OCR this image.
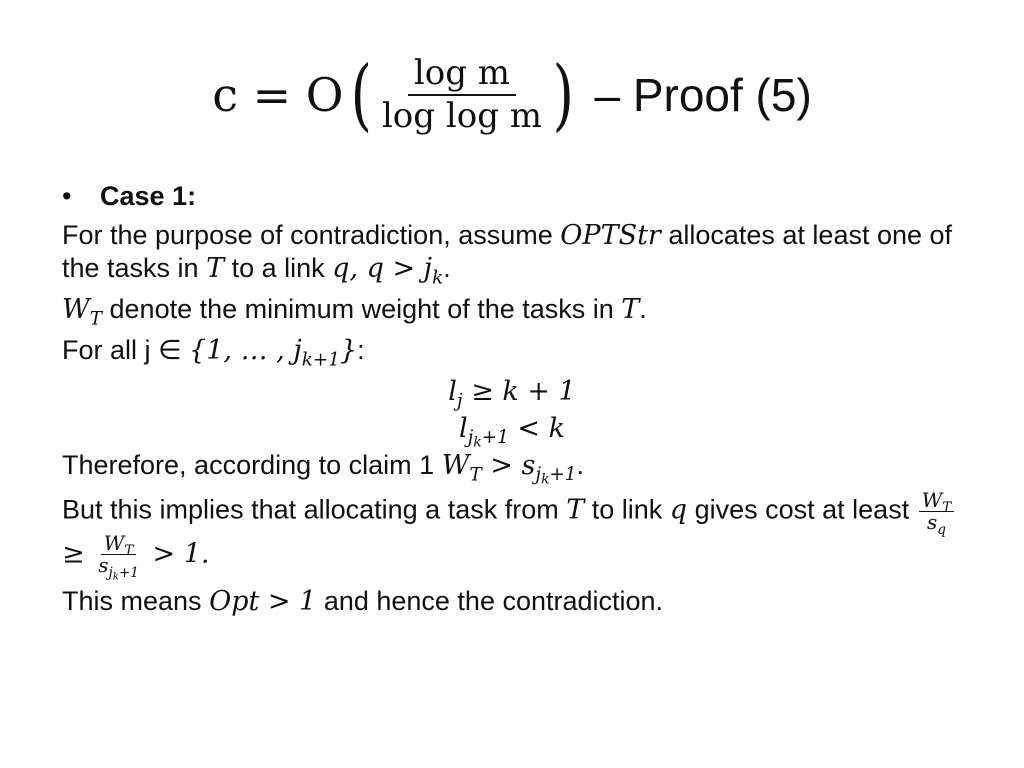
c = O ( $\frac{\text{log m}}{\text{log log m}}$ ) – Proof (5)
• Case 1:
For the purpose of contradiction, assume OPTStr allocates at least one of the tasks in T to a link q, $q > j_k$.
$W_T$ denote the minimum weight of the tasks in T.
For all j ∈ {1, … , $j_{k+1}$}:
$l_j \ge k + 1$
$l_{jk+1} < k$
Therefore, according to claim 1 $W_T > s_{jk+1}$.
But this implies that allocating a task from T to link q gives cost at least $\frac{W_T}{s_q}$
≥ $\frac{W_T}{s_{jk+1}} > 1$.
This means Opt > 1 and hence the contradiction.
